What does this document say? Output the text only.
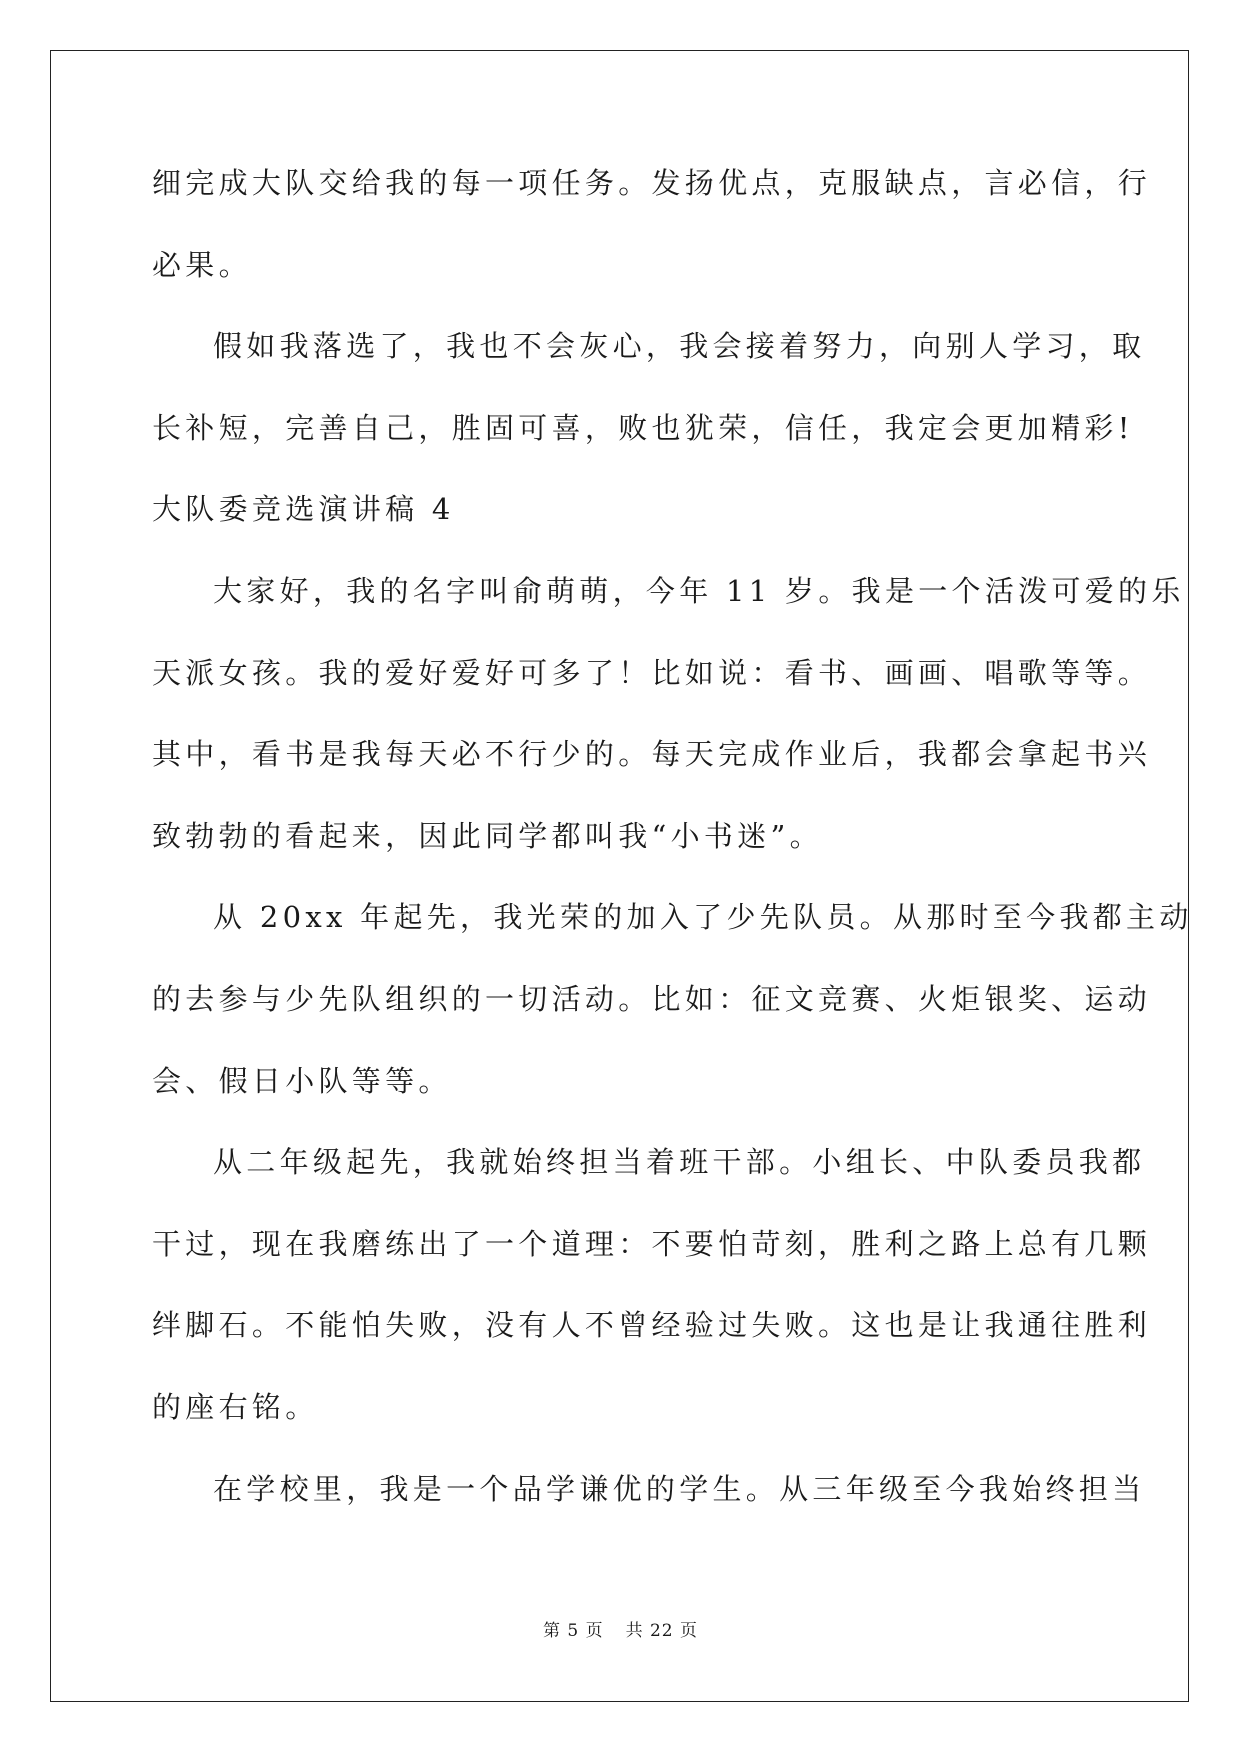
细完成大队交给我的每一项任务。发扬优点，克服缺点，言必信，行
必果。
假如我落选了，我也不会灰心，我会接着努力，向别人学习，取
长补短，完善自己，胜固可喜，败也犹荣，信任，我定会更加精彩!
大队委竞选演讲稿 4
大家好，我的名字叫俞萌萌，今年 11 岁。我是一个活泼可爱的乐
天派女孩。我的爱好爱好可多了！比如说：看书、画画、唱歌等等。
其中，看书是我每天必不行少的。每天完成作业后，我都会拿起书兴
致勃勃的看起来，因此同学都叫我“小书迷”。
从 20xx 年起先，我光荣的加入了少先队员。从那时至今我都主动
的去参与少先队组织的一切活动。比如：征文竞赛、火炬银奖、运动
会、假日小队等等。
从二年级起先，我就始终担当着班干部。小组长、中队委员我都
干过，现在我磨练出了一个道理：不要怕苛刻，胜利之路上总有几颗
绊脚石。不能怕失败，没有人不曾经验过失败。这也是让我通往胜利
的座右铭。
在学校里，我是一个品学谦优的学生。从三年级至今我始终担当
第 5 页 共 22 页
